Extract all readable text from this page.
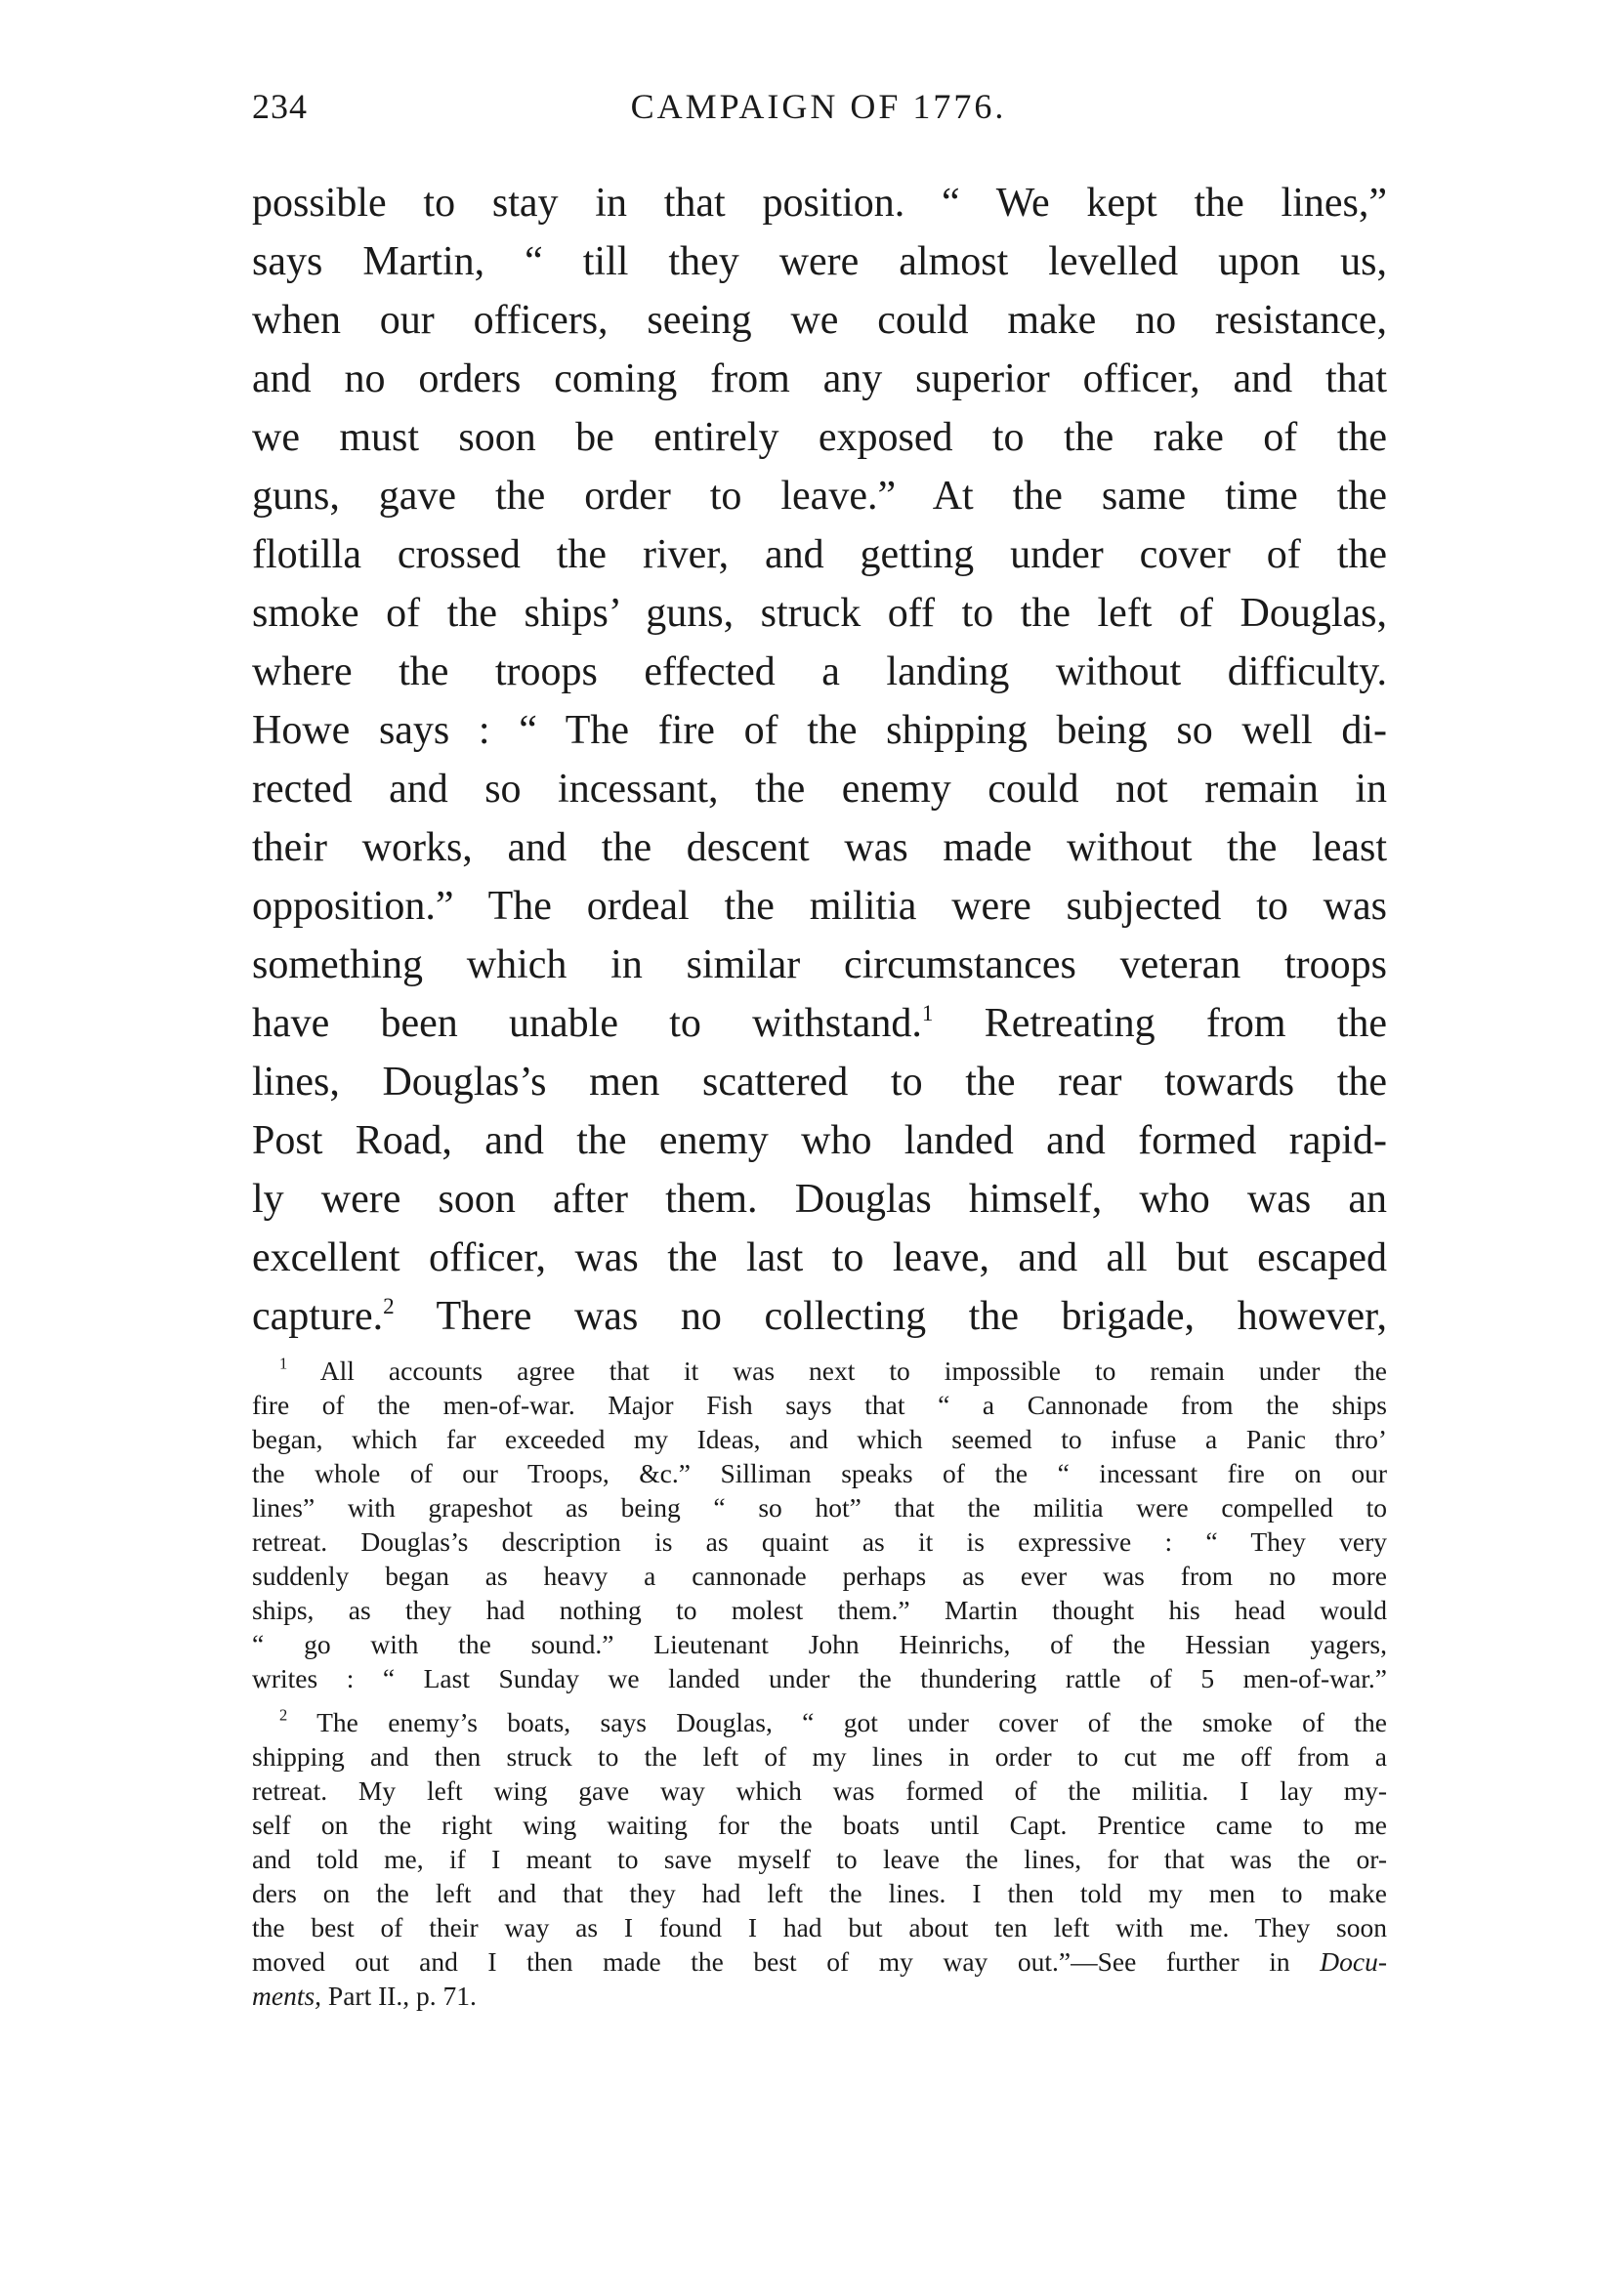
234	CAMPAIGN OF 1776.
possible to stay in that position. “ We kept the lines,”
says Martin, “ till they were almost levelled upon us,
when our officers, seeing we could make no resistance,
and no orders coming from any superior officer, and that
we must soon be entirely exposed to the rake of the
guns, gave the order to leave.” At the same time the
flotilla crossed the river, and getting under cover of the
smoke of the ships’ guns, struck off to the left of Douglas,
where the troops effected a landing without difficulty.
Howe says : “ The fire of the shipping being so well di-
rected and so incessant, the enemy could not remain in
their works, and the descent was made without the least
opposition.” The ordeal the militia were subjected to was
something which in similar circumstances veteran troops
have been unable to withstand.$^1$ Retreating from the
lines, Douglas’s men scattered to the rear towards the
Post Road, and the enemy who landed and formed rapid-
ly were soon after them. Douglas himself, who was an
excellent officer, was the last to leave, and all but escaped
capture.$^2$ There was no collecting the brigade, however,
$^1$ All accounts agree that it was next to impossible to remain under the
fire of the men-of-war. Major Fish says that “ a Cannonade from the ships
began, which far exceeded my Ideas, and which seemed to infuse a Panic thro’
the whole of our Troops, &c.” Silliman speaks of the “ incessant fire on our
lines” with grapeshot as being “ so hot” that the militia were compelled to
retreat. Douglas’s description is as quaint as it is expressive : “ They very
suddenly began as heavy a cannonade perhaps as ever was from no more
ships, as they had nothing to molest them.” Martin thought his head would
“ go with the sound.” Lieutenant John Heinrichs, of the Hessian yagers,
writes : “ Last Sunday we landed under the thundering rattle of 5 men-of-war.”
$^2$ The enemy’s boats, says Douglas, “ got under cover of the smoke of the
shipping and then struck to the left of my lines in order to cut me off from a
retreat. My left wing gave way which was formed of the militia. I lay my-
self on the right wing waiting for the boats until Capt. Prentice came to me
and told me, if I meant to save myself to leave the lines, for that was the or-
ders on the left and that they had left the lines. I then told my men to make
the best of their way as I found I had but about ten left with me. They soon
moved out and I then made the best of my way out.”—See further in Docu-
ments, Part II., p. 71.
